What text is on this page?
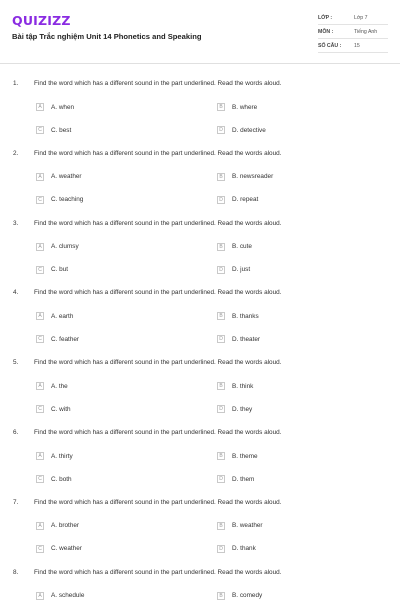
QUIZIZZ
Bài tập Trắc nghiệm Unit 14 Phonetics and Speaking
LỚP :	Lớp 7
MÔN :	Tiếng Anh
SỐ CÂU :	15
1. Find the word which has a different sound in the part underlined. Read the words aloud.
A	A. when	B	B. where
C	C. best	D	D. detective
2. Find the word which has a different sound in the part underlined. Read the words aloud.
A	A. weather	B	B. newsreader
C	C. teaching	D	D. repeat
3. Find the word which has a different sound in the part underlined. Read the words aloud.
A	A. clumsy	B	B. cute
C	C. but	D	D. just
4. Find the word which has a different sound in the part underlined. Read the words aloud.
A	A. earth	B	B. thanks
C	C. feather	D	D. theater
5. Find the word which has a different sound in the part underlined. Read the words aloud.
A	A. the	B	B. think
C	C. with	D	D. they
6. Find the word which has a different sound in the part underlined. Read the words aloud.
A	A. thirty	B	B. theme
C	C. both	D	D. them
7. Find the word which has a different sound in the part underlined. Read the words aloud.
A	A. brother	B	B. weather
C	C. weather	D	D. thank
8. Find the word which has a different sound in the part underlined. Read the words aloud.
A	A. schedule	B	B. comedy
